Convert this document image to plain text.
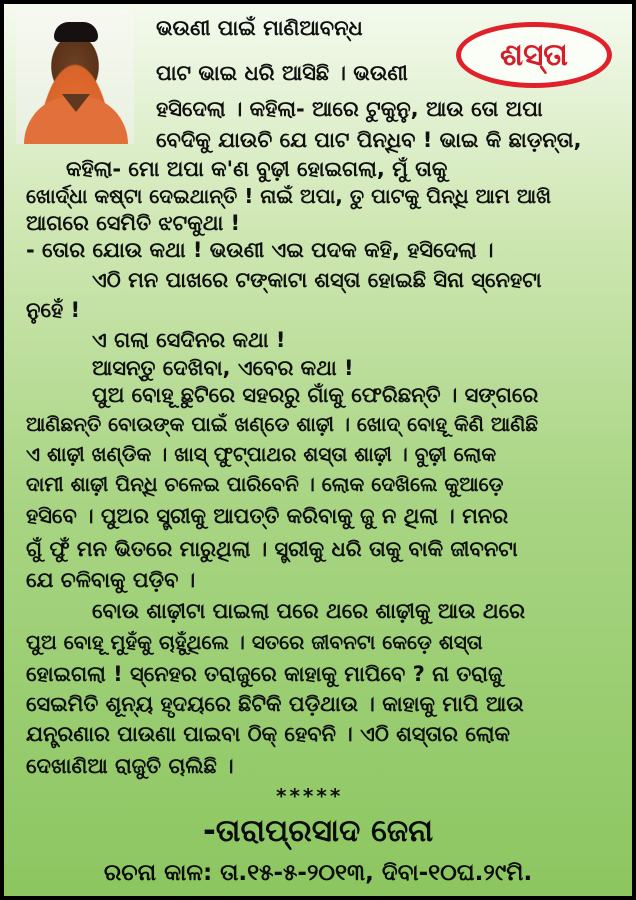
ଶସ୍ତା
ଭଉଣୀ ପାଇଁ ମାଣିଆବନ୍ଧ
ପାଟ ଭାଇ ଧରି ଆସିଛି । ଭଉଣୀ
ହସିଦେଲା । କହିଲା- ଆରେ ଟୁକୁନୁ, ଆଉ ତୋ ଅପା
ବେଦିକୁ ଯାଉଚି ଯେ ପାଟ ପିନ୍ଧିବ ! ଭାଇ କି ଛାଡ଼ନ୍ତା,
କହିଲା- ମୋ ଅପା କ'ଣ ବୁଢ଼ୀ ହୋଇଗଲା, ମୁଁ ତାକୁ
ଖୋର୍ଦ୍ଧା କଷ୍ଟା ଦେଇଥାନ୍ତି ! ନାଇଁ ଅପା, ତୁ ପାଟକୁ ପିନ୍ଧି ଆମ ଆଖି
ଆଗରେ ସେମିତି ଝଟକୁଥା !
- ତୋର ଯୋଉ କଥା ! ଭଉଣୀ ଏଇ ପଦକ କହି, ହସିଦେଲା ।
ଏଠି ମନ ପାଖରେ ଟଙ୍କାଟା ଶସ୍ତା ହୋଇଛି ସିନା ସ୍ନେହଟା
ନୁହେଁ !
ଏ ଗଲା ସେଦିନର କଥା !
ଆସନ୍ତୁ ଦେଖିବା, ଏବେର କଥା !
ପୁଅ ବୋହୂ ଛୁଟିରେ ସହରରୁ ଗାଁକୁ ଫେରିଛନ୍ତି । ସଙ୍ଗରେ
ଆଣିଛନ୍ତି ବୋଉଙ୍କ ପାଇଁ ଖଣ୍ଡେ ଶାଢ଼ୀ । ଖୋଦ୍ ବୋହୂ କିଣି ଆଣିଛି
ଏ ଶାଢ଼ୀ ଖଣ୍ଡିକ । ଖାସ୍ ଫୁଟ୍‌ପାଥର ଶସ୍ତା ଶାଢ଼ୀ । ବୁଢ଼ୀ ଲୋକ
ଦାମୀ ଶାଢ଼ୀ ପିନ୍ଧି ଚଳେଇ ପାରିବେନି । ଲୋକ ଦେଖିଲେ କୁଆଡ଼େ
ହସିବେ । ପୁଅର ସ୍ତ୍ରୀକୁ ଆପତ୍ତି କରିବାକୁ ଜୁ ନ ଥିଲା । ମନର
ଗୁଁ ଫୁଁ ମନ ଭିତରେ ମାରୁଥିଲା । ସ୍ତ୍ରୀକୁ ଧରି ତାକୁ ବାକି ଜୀବନଟା
ଯେ ଚଳିବାକୁ ପଡ଼ିବ ।
ବୋଉ ଶାଢ଼ୀଟା ପାଇଲା ପରେ ଥରେ ଶାଢ଼ୀକୁ ଆଉ ଥରେ
ପୁଅ ବୋହୂ ମୁହଁକୁ ଚାହୁଁଥିଲେ । ସତରେ ଜୀବନଟା କେଡ଼େ ଶସ୍ତା
ହୋଇଗଲା ! ସ୍ନେହର ତରାଜୁରେ କାହାକୁ ମାପିବେ ? ନା ତରାଜୁ
ସେଇମିତି ଶୂନ୍ୟ ହୃଦୟରେ ଛିଟିକି ପଡ଼ିଥାଉ । କାହାକୁ ମାପି ଆଉ
ଯନ୍ତ୍ରଣାର ପାଉଣା ପାଇବା ଠିକ୍ ହେବନି । ଏଠି ଶସ୍ତାର ଲୋକ
ଦେଖାଣିଆ ରାଜୁତି ଚାଲିଛି ।
*****
-ତାରାପ୍ରସାଦ ଜେନା
ରଚନା କାଳ: ତା.୧୫-୫-୨୦୧୩, ଦିବା-୧୦ଘ.୨୯ମି.
